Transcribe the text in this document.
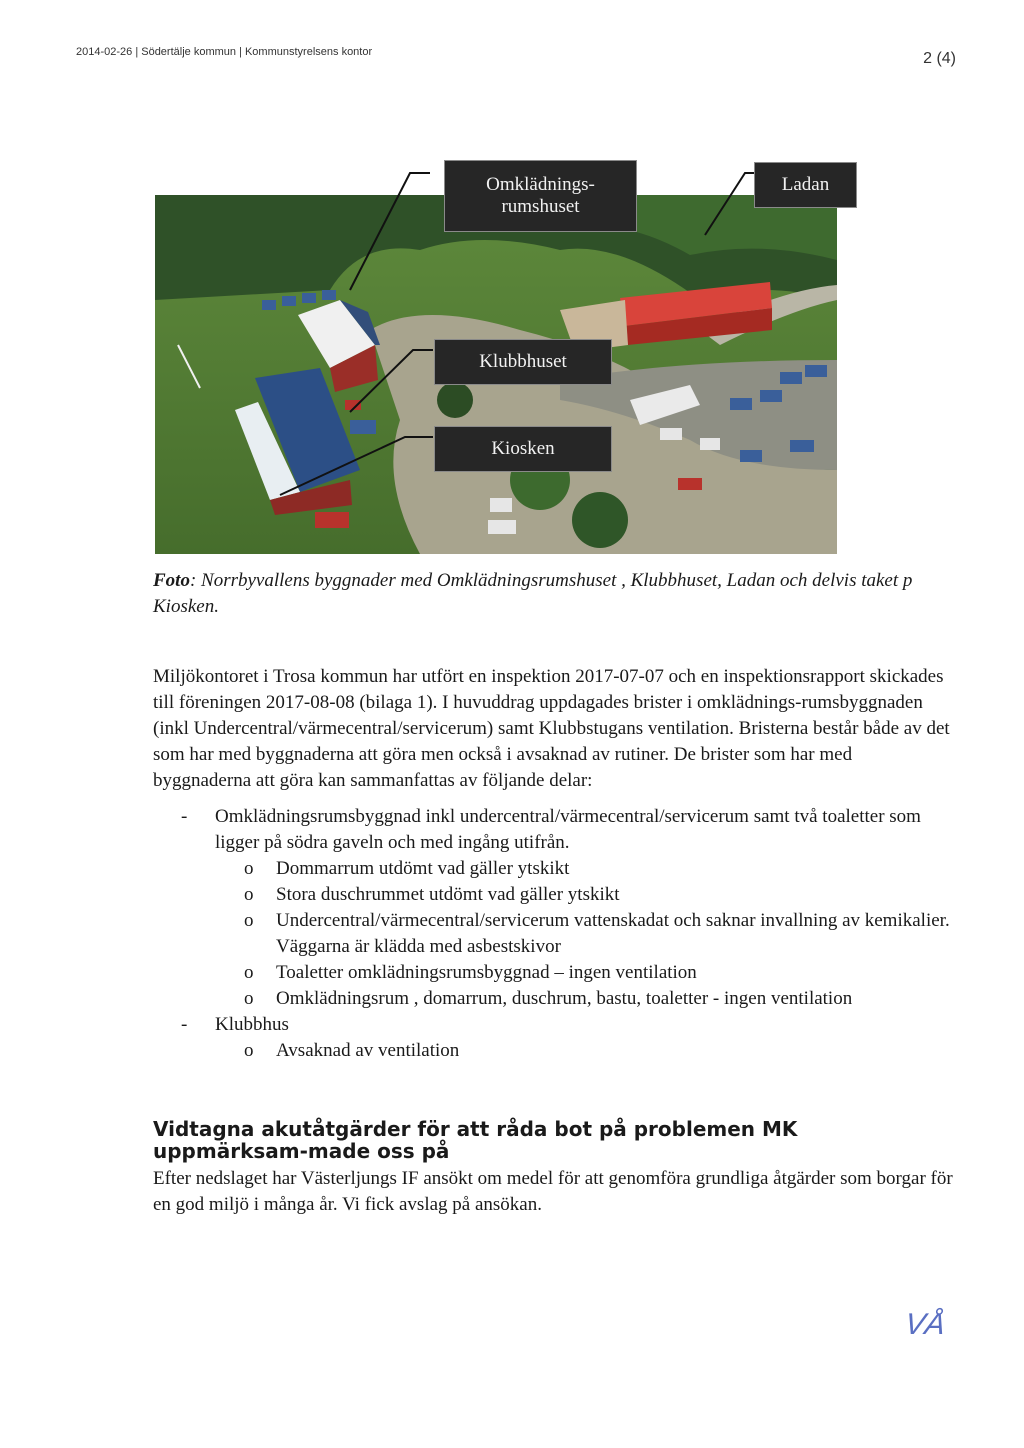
2014-02-26 | Södertälje kommun | Kommunstyrelsens kontor	2 (4)
Omklädnings-
rumshuset
Ladan
Klubbhuset
Kiosken
Foto: Norrbyvallens byggnader med Omklädningsrumshuset , Klubbhuset, Ladan och delvis taket p Kiosken.

Miljökontoret i Trosa kommun har utfört en inspektion 2017-07-07 och en inspektionsrapport skickades till föreningen 2017-08-08 (bilaga 1). I huvuddrag uppdagades brister i omklädnings-rumsbyggnaden (inkl Undercentral/värmecentral/servicerum) samt Klubbstugans ventilation. Bristerna består både av det som har med byggnaderna att göra men också i avsaknad av rutiner. De brister som har med byggnaderna att göra kan sammanfattas av följande delar:

- Omklädningsrumsbyggnad inkl undercentral/värmecentral/servicerum samt två toaletter som ligger på södra gaveln och med ingång utifrån.
o Dommarrum utdömt vad gäller ytskikt
o Stora duschrummet utdömt vad gäller ytskikt
o Undercentral/värmecentral/servicerum vattenskadat och saknar invallning av kemikalier. Väggarna är klädda med asbestskivor
o Toaletter omklädningsrumsbyggnad – ingen ventilation
o Omklädningsrum , domarrum, duschrum, bastu, toaletter - ingen ventilation
- Klubbhus
o Avsaknad av ventilation
Vidtagna akutåtgärder för att råda bot på problemen MK uppmärksam-made oss på
Efter nedslaget har Västerljungs IF ansökt om medel för att genomföra grundliga åtgärder som borgar för en god miljö i många år. Vi fick avslag på ansökan.
VÅ
